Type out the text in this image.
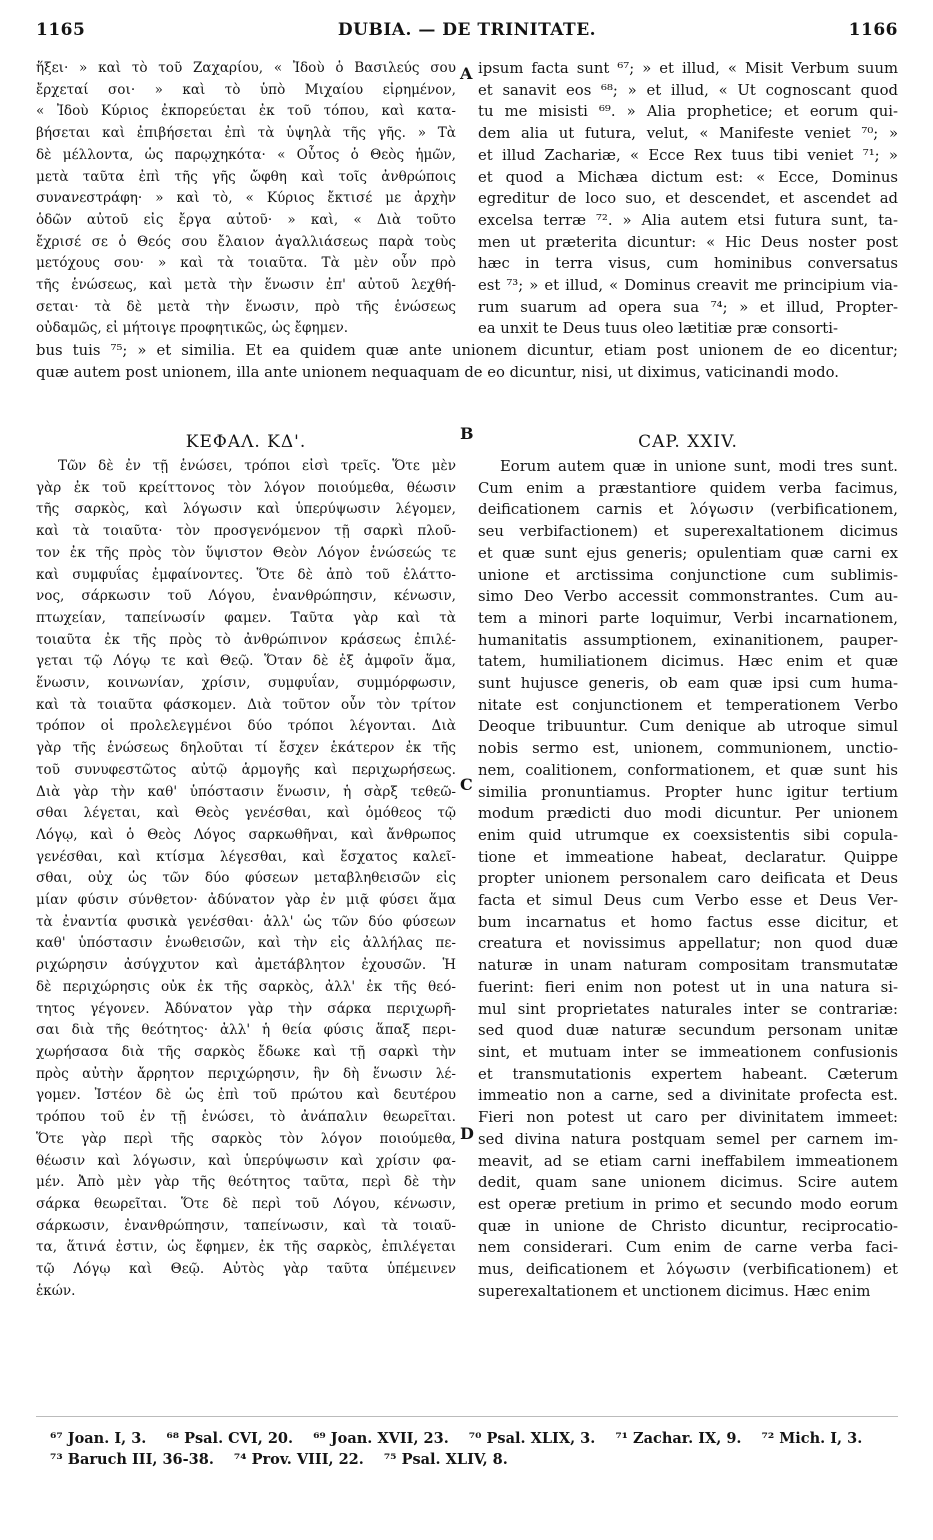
1165	DUBIA. — DE TRINITATE.	1166
ἥξει· » καὶ τὸ τοῦ Ζαχαρίου, « Ἰδοὺ ὁ Βασιλεύς σου
ἔρχεταί σοι· » καὶ τὸ ὑπὸ Μιχαίου εἰρημένον,
« Ἰδοὺ Κύριος ἐκπορεύεται ἐκ τοῦ τόπου, καὶ κατα-
βήσεται καὶ ἐπιβήσεται ἐπὶ τὰ ὑψηλὰ τῆς γῆς. » Τὰ
δὲ μέλλοντα, ὡς παρῳχηκότα· « Οὗτος ὁ Θεὸς ἡμῶν,
μετὰ ταῦτα ἐπὶ τῆς γῆς ὤφθη καὶ τοῖς ἀνθρώποις
συνανεστράφη· » καὶ τὸ, « Κύριος ἔκτισέ με ἀρχὴν
ὁδῶν αὐτοῦ εἰς ἔργα αὐτοῦ· » καὶ, « Διὰ τοῦτο
ἔχρισέ σε ὁ Θεός σου ἔλαιον ἀγαλλιάσεως παρὰ τοὺς
μετόχους σου· » καὶ τὰ τοιαῦτα. Τὰ μὲν οὖν πρὸ
τῆς ἑνώσεως, καὶ μετὰ τὴν ἕνωσιν ἐπ' αὐτοῦ λεχθή-
σεται· τὰ δὲ μετὰ τὴν ἕνωσιν, πρὸ τῆς ἑνώσεως
οὐδαμῶς, εἰ μήτοιγε προφητικῶς, ὡς ἔφημεν.
A ipsum facta sunt ⁶⁷; » et illud, « Misit Verbum suum
et sanavit eos ⁶⁸; » et illud, « Ut cognoscant quod
tu me misisti ⁶⁹. » Alia prophetice; et eorum qui-
dem alia ut futura, velut, « Manifeste veniet ⁷⁰; »
et illud Zachariæ, « Ecce Rex tuus tibi veniet ⁷¹; »
et quod a Michæa dictum est: « Ecce, Dominus
egreditur de loco suo, et descendet, et ascendet ad
excelsa terræ ⁷². » Alia autem etsi futura sunt, ta-
men ut præterita dicuntur: « Hic Deus noster post
hæc in terra visus, cum hominibus conversatus
est ⁷³; » et illud, « Dominus creavit me principium via-
rum suarum ad opera sua ⁷⁴; » et illud, Propter-
ea unxit te Deus tuus oleo lætitiæ præ consorti-
bus tuis ⁷⁵; » et similia. Et ea quidem quæ ante unionem dicuntur, etiam post unionem de eo dicentur;
quæ autem post unionem, illa ante unionem nequaquam de eo dicuntur, nisi, ut diximus, vaticinandi modo.
ΚΕΦΑΛ. ΚΔ'.	B	CAP. XXIV.
Τῶν δὲ ἐν τῇ ἑνώσει, τρόποι εἰσὶ τρεῖς. Ὅτε μὲν
γὰρ ἐκ τοῦ κρείττονος τὸν λόγον ποιούμεθα, θέωσιν
τῆς σαρκὸς, καὶ λόγωσιν καὶ ὑπερύψωσιν λέγομεν,
καὶ τὰ τοιαῦτα· τὸν προσγενόμενον τῇ σαρκὶ πλοῦ-
τον ἐκ τῆς πρὸς τὸν ὕψιστον Θεὸν Λόγον ἑνώσεώς τε
καὶ συμφυΐας ἐμφαίνοντες. Ὅτε δὲ ἀπὸ τοῦ ἐλάττο-
νος, σάρκωσιν τοῦ Λόγου, ἐνανθρώπησιν, κένωσιν,
πτωχείαν, ταπείνωσίν φαμεν. Ταῦτα γὰρ καὶ τὰ
τοιαῦτα ἐκ τῆς πρὸς τὸ ἀνθρώπινον κράσεως ἐπιλέ-
γεται τῷ Λόγῳ τε καὶ Θεῷ. Ὅταν δὲ ἐξ ἀμφοῖν ἅμα,
ἕνωσιν, κοινωνίαν, χρίσιν, συμφυΐαν, συμμόρφωσιν,
καὶ τὰ τοιαῦτα φάσκομεν. Διὰ τοῦτον οὖν τὸν τρίτον
τρόπον οἱ προλελεγμένοι δύο τρόποι λέγονται. Διὰ
γὰρ τῆς ἑνώσεως δηλοῦται τί ἔσχεν ἑκάτερον ἐκ τῆς
τοῦ συνυφεστῶτος αὐτῷ ἁρμογῆς καὶ περιχωρήσεως.
Διὰ γὰρ τὴν καθ' ὑπόστασιν ἕνωσιν, ἡ σὰρξ τεθεῶ-
σθαι λέγεται, καὶ Θεὸς γενέσθαι, καὶ ὁμόθεος τῷ
Λόγῳ, καὶ ὁ Θεὸς Λόγος σαρκωθῆναι, καὶ ἄνθρωπος
γενέσθαι, καὶ κτίσμα λέγεσθαι, καὶ ἔσχατος καλεῖ-
σθαι, οὐχ ὡς τῶν δύο φύσεων μεταβληθεισῶν εἰς
μίαν φύσιν σύνθετον· ἀδύνατον γὰρ ἐν μιᾷ φύσει ἅμα
τὰ ἐναντία φυσικὰ γενέσθαι· ἀλλ' ὡς τῶν δύο φύσεων
καθ' ὑπόστασιν ἑνωθεισῶν, καὶ τὴν εἰς ἀλλήλας πε-
ριχώρησιν ἀσύγχυτον καὶ ἀμετάβλητον ἐχουσῶν. Ἡ
δὲ περιχώρησις οὐκ ἐκ τῆς σαρκὸς, ἀλλ' ἐκ τῆς θεό-
τητος γέγονεν. Ἀδύνατον γὰρ τὴν σάρκα περιχωρῆ-
σαι διὰ τῆς θεότητος· ἀλλ' ἡ θεία φύσις ἅπαξ περι-
χωρήσασα διὰ τῆς σαρκὸς ἔδωκε καὶ τῇ σαρκὶ τὴν
πρὸς αὐτὴν ἄρρητον περιχώρησιν, ἣν δὴ ἕνωσιν λέ-
γομεν. Ἰστέον δὲ ὡς ἐπὶ τοῦ πρώτου καὶ δευτέρου
τρόπου τοῦ ἐν τῇ ἑνώσει, τὸ ἀνάπαλιν θεωρεῖται.
Ὅτε γὰρ περὶ τῆς σαρκὸς τὸν λόγον ποιούμεθα,
θέωσιν καὶ λόγωσιν, καὶ ὑπερύψωσιν καὶ χρίσιν φα-
μέν. Ἀπὸ μὲν γὰρ τῆς θεότητος ταῦτα, περὶ δὲ τὴν
σάρκα θεωρεῖται. Ὅτε δὲ περὶ τοῦ Λόγου, κένωσιν,
σάρκωσιν, ἐνανθρώπησιν, ταπείνωσιν, καὶ τὰ τοιαῦ-
τα, ἅτινά ἐστιν, ὡς ἔφημεν, ἐκ τῆς σαρκὸς, ἐπιλέγεται
τῷ Λόγῳ καὶ Θεῷ. Αὐτὸς γὰρ ταῦτα ὑπέμεινεν
ἑκών.
C
D
Eorum autem quæ in unione sunt, modi tres sunt.
Cum enim a præstantiore quidem verba facimus,
deificationem carnis et λόγωσιν (verbificationem,
seu verbifactionem) et superexaltationem dicimus
et quæ sunt ejus generis; opulentiam quæ carni ex
unione et arctissima conjunctione cum sublimis-
simo Deo Verbo accessit commonstrantes. Cum au-
tem a minori parte loquimur, Verbi incarnationem,
humanitatis assumptionem, exinanitionem, pauper-
tatem, humiliationem dicimus. Hæc enim et quæ
sunt hujusce generis, ob eam quæ ipsi cum huma-
nitate est conjunctionem et temperationem Verbo
Deoque tribuuntur. Cum denique ab utroque simul
nobis sermo est, unionem, communionem, unctio-
nem, coalitionem, conformationem, et quæ sunt his
similia pronuntiamus. Propter hunc igitur tertium
modum prædicti duo modi dicuntur. Per unionem
enim quid utrumque ex coexsistentis sibi copula-
tione et immeatione habeat, declaratur. Quippe
propter unionem personalem caro deificata et Deus
facta et simul Deus cum Verbo esse et Deus Ver-
bum incarnatus et homo factus esse dicitur, et
creatura et novissimus appellatur; non quod duæ
naturæ in unam naturam compositam transmutatæ
fuerint: fieri enim non potest ut in una natura si-
mul sint proprietates naturales inter se contrariæ:
sed quod duæ naturæ secundum personam unitæ
sint, et mutuam inter se immeationem confusionis
et transmutationis expertem habeant. Cæterum
immeatio non a carne, sed a divinitate profecta est.
Fieri non potest ut caro per divinitatem immeet:
sed divina natura postquam semel per carnem im-
meavit, ad se etiam carni ineffabilem immeationem
dedit, quam sane unionem dicimus. Scire autem
est operæ pretium in primo et secundo modo eorum
quæ in unione de Christo dicuntur, reciprocatio-
nem considerari. Cum enim de carne verba faci-
mus, deificationem et λόγωσιν (verbificationem) et
superexaltationem et unctionem dicimus. Hæc enim
⁶⁷ Joan. I, 3. ⁶⁸ Psal. CVI, 20. ⁶⁹ Joan. XVII, 23. ⁷⁰ Psal. XLIX, 3. ⁷¹ Zachar. IX, 9. ⁷² Mich. I, 3.
⁷³ Baruch III, 36-38. ⁷⁴ Prov. VIII, 22. ⁷⁵ Psal. XLIV, 8.
